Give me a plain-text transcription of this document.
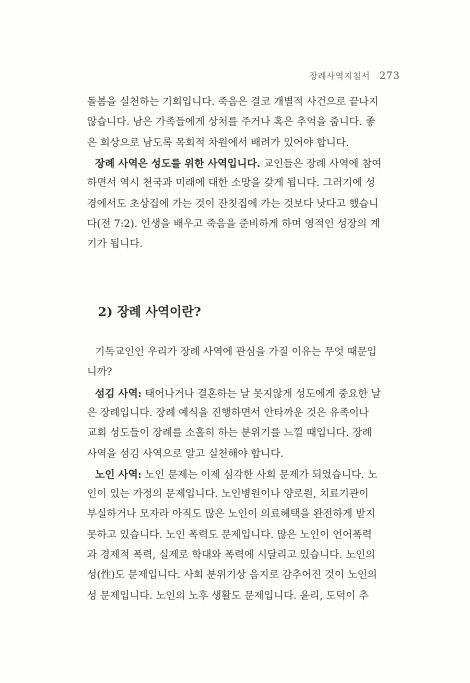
장례사역지침서 273
돌봄을 실천하는 기회입니다. 죽음은 결코 개별적 사건으로 끝나지
않습니다. 남은 가족들에게 상처를 주거나 혹은 추억을 줍니다. 좋
은 회상으로 남도록 목회적 차원에서 배려가 있어야 합니다.
장례 사역은 성도를 위한 사역입니다. 교인들은 장례 사역에 참여
하면서 역시 천국과 미래에 대한 소망을 갖게 됩니다. 그러기에 성
경에서도 초상집에 가는 것이 잔칫집에 가는 것보다 낫다고 했습니
다(전 7:2). 인생을 배우고 죽음을 준비하게 하며 영적인 성장의 계
기가 됩니다.
2) 장례 사역이란?
기독교인인 우리가 장례 사역에 관심을 가질 이유는 무엇 때문입
니까?
섬김 사역: 태어나거나 결혼하는 날 못지않게 성도에게 중요한 날
은 장례입니다. 장례 예식을 진행하면서 안타까운 것은 유족이나
교회 성도들이 장례를 소홀히 하는 분위기를 느낄 때입니다. 장례
사역을 섬김 사역으로 알고 실천해야 합니다.
노인 사역: 노인 문제는 이제 심각한 사회 문제가 되었습니다. 노
인이 있는 가정의 문제입니다. 노인병원이나 양로원, 치료기관이
부실하거나 모자라 아직도 많은 노인이 의료혜택을 완전하게 받지
못하고 있습니다. 노인 폭력도 문제입니다. 많은 노인이 언어폭력
과 경제적 폭력, 실제로 학대와 폭력에 시달리고 있습니다. 노인의
성(性)도 문제입니다. 사회 분위기상 음지로 감추어진 것이 노인의
성 문제입니다. 노인의 노후 생활도 문제입니다. 윤리, 도덕이 추
